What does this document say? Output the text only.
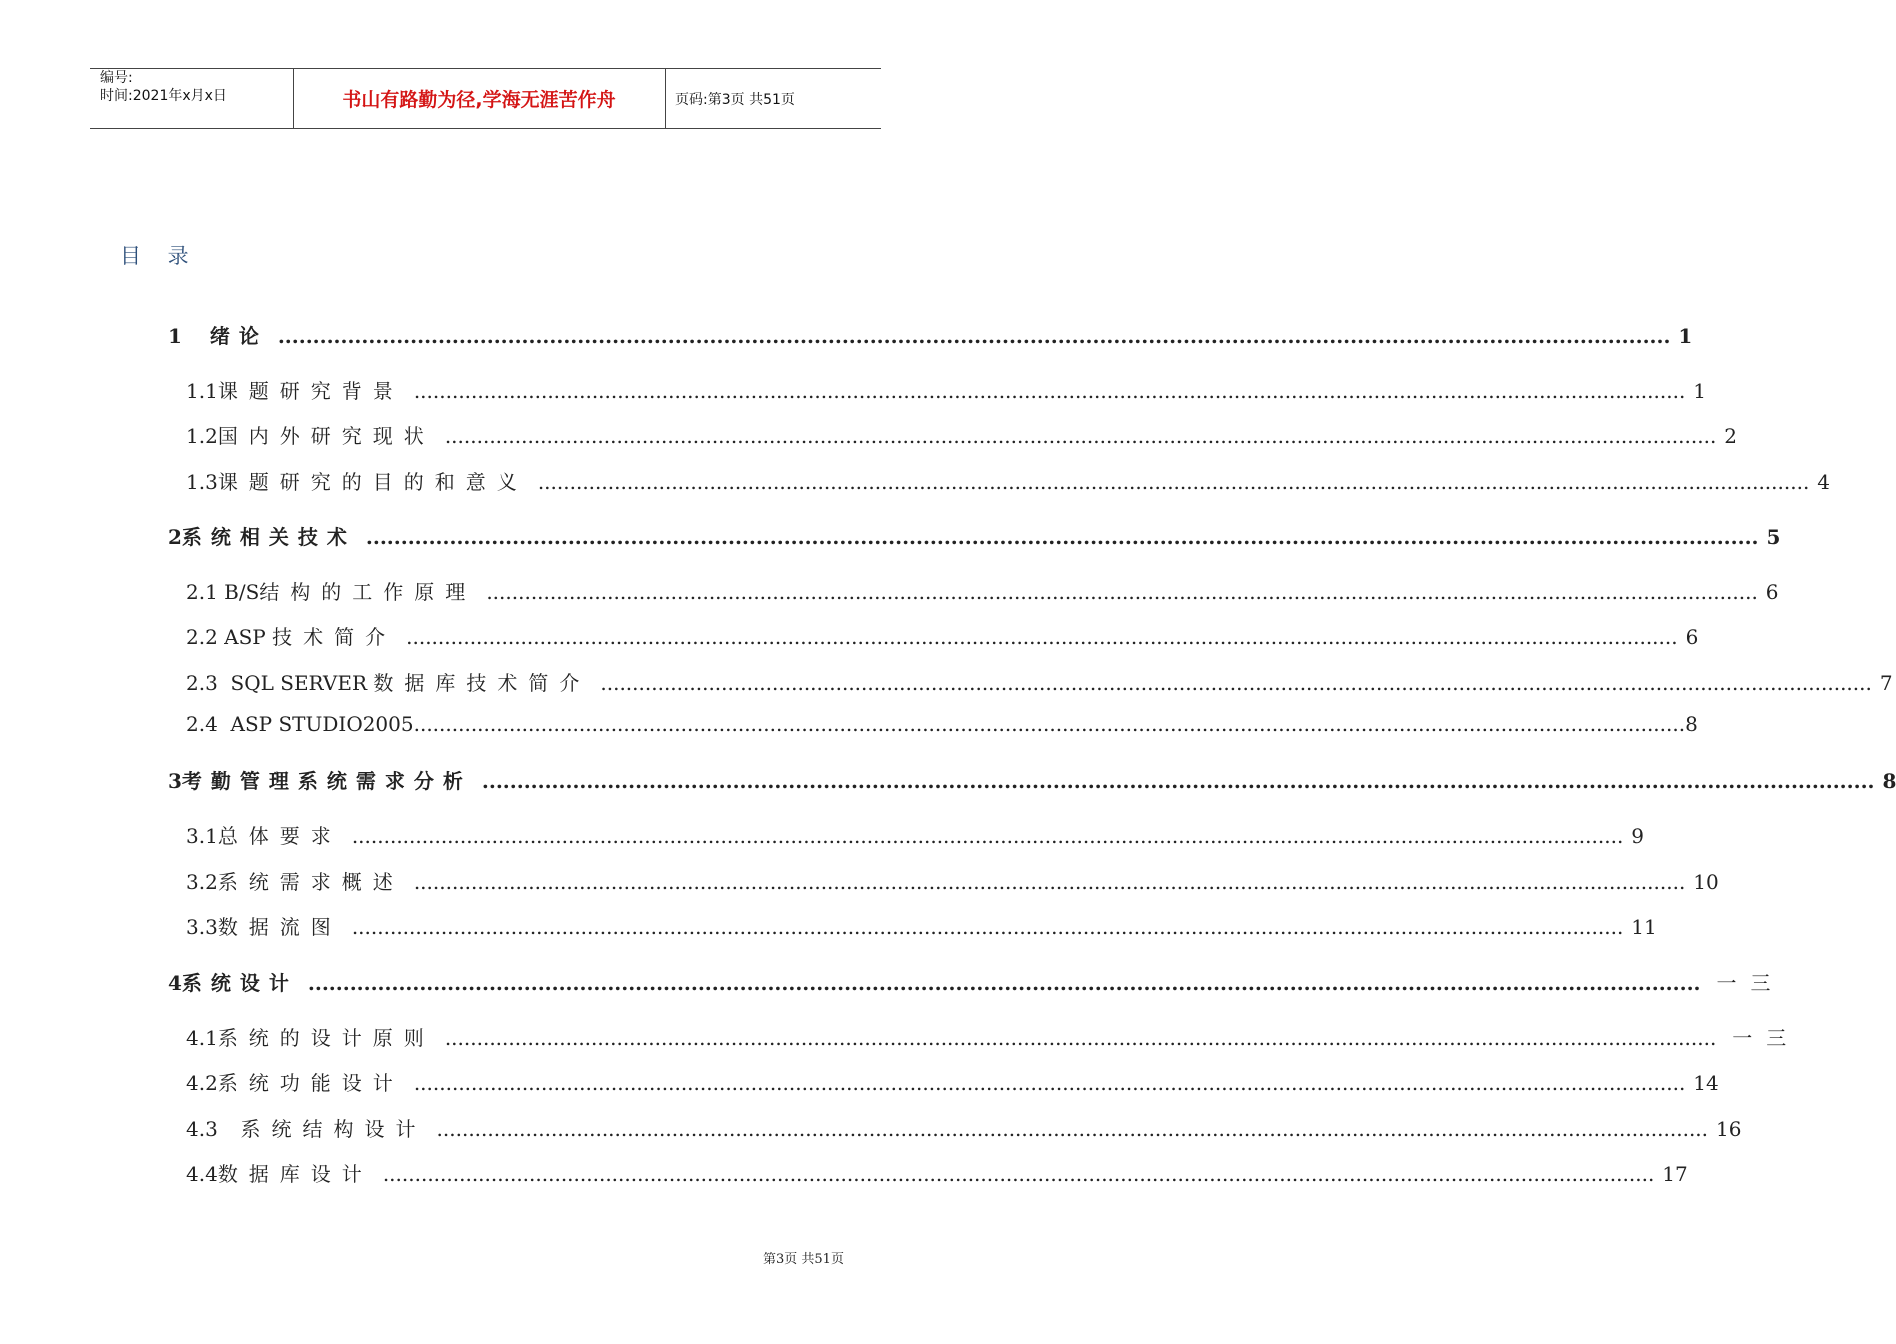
编号:
时间:2021年x月x日	书山有路勤为径,学海无涯苦作舟	页码:第3页 共51页
目 录
1 绪论 ........................................................................................................................................................................................................ 1
1.1 课题研究背景 ........................................................................................................................................................................................................ 1
1.2 国内外研究现状 ........................................................................................................................................................................................................ 2
1.3 课题研究的目的和意义 ........................................................................................................................................................................................................ 4
2 系统相关技术 ........................................................................................................................................................................................................ 5
2.1 B/S 结构的工作原理 ........................................................................................................................................................................................................ 6
2.2 ASP 技术简介 ........................................................................................................................................................................................................ 6
2.3  SQL SERVER 数据库技术简介 ........................................................................................................................................................................................................ 7
2.4  ASP STUDIO2005 ........................................................................................................................................................................................................ 8
3 考勤管理系统需求分析 ........................................................................................................................................................................................................ 8
3.1 总体要求 ........................................................................................................................................................................................................ 9
3.2 系统需求概述 ........................................................................................................................................................................................................ 10
3.3 数据流图 ........................................................................................................................................................................................................ 11
4 系统设计 ........................................................................................................................................................................................................ 一三
4.1 系统的设计原则 ........................................................................................................................................................................................................ 一三
4.2 系统功能设计 ........................................................................................................................................................................................................ 14
4.3 系统结构设计 ........................................................................................................................................................................................................ 16
4.4 数据库设计 ........................................................................................................................................................................................................ 17
第3页 共51页
